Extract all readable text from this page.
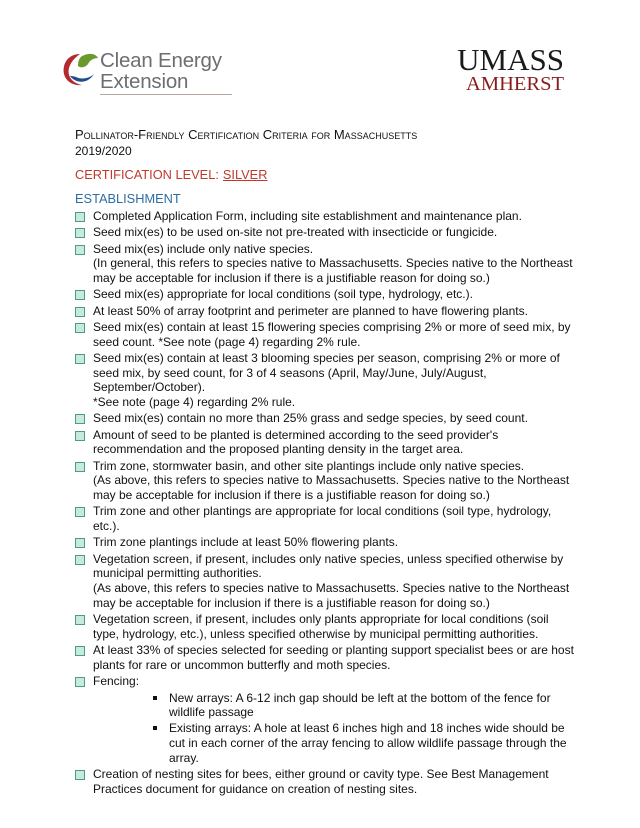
Clean Energy
Extension
UMASS
AMHERST
Pollinator-Friendly Certification Criteria for Massachusetts
2019/2020
CERTIFICATION LEVEL: SILVER
ESTABLISHMENT
Completed Application Form, including site establishment and maintenance plan.
Seed mix(es) to be used on-site not pre-treated with insecticide or fungicide.
Seed mix(es) include only native species.
(In general, this refers to species native to Massachusetts. Species native to the Northeast may be acceptable for inclusion if there is a justifiable reason for doing so.)
Seed mix(es) appropriate for local conditions (soil type, hydrology, etc.).
At least 50% of array footprint and perimeter are planned to have flowering plants.
Seed mix(es) contain at least 15 flowering species comprising 2% or more of seed mix, by seed count. *See note (page 4) regarding 2% rule.
Seed mix(es) contain at least 3 blooming species per season, comprising 2% or more of seed mix, by seed count, for 3 of 4 seasons (April, May/June, July/August, September/October).
*See note (page 4) regarding 2% rule.
Seed mix(es) contain no more than 25% grass and sedge species, by seed count.
Amount of seed to be planted is determined according to the seed provider's recommendation and the proposed planting density in the target area.
Trim zone, stormwater basin, and other site plantings include only native species.
(As above, this refers to species native to Massachusetts. Species native to the Northeast may be acceptable for inclusion if there is a justifiable reason for doing so.)
Trim zone and other plantings are appropriate for local conditions (soil type, hydrology, etc.).
Trim zone plantings include at least 50% flowering plants.
Vegetation screen, if present, includes only native species, unless specified otherwise by municipal permitting authorities.
(As above, this refers to species native to Massachusetts. Species native to the Northeast may be acceptable for inclusion if there is a justifiable reason for doing so.)
Vegetation screen, if present, includes only plants appropriate for local conditions (soil type, hydrology, etc.), unless specified otherwise by municipal permitting authorities.
At least 33% of species selected for seeding or planting support specialist bees or are host plants for rare or uncommon butterfly and moth species.
Fencing:
New arrays: A 6-12 inch gap should be left at the bottom of the fence for wildlife passage
Existing arrays: A hole at least 6 inches high and 18 inches wide should be cut in each corner of the array fencing to allow wildlife passage through the array.
Creation of nesting sites for bees, either ground or cavity type. See Best Management Practices document for guidance on creation of nesting sites.
